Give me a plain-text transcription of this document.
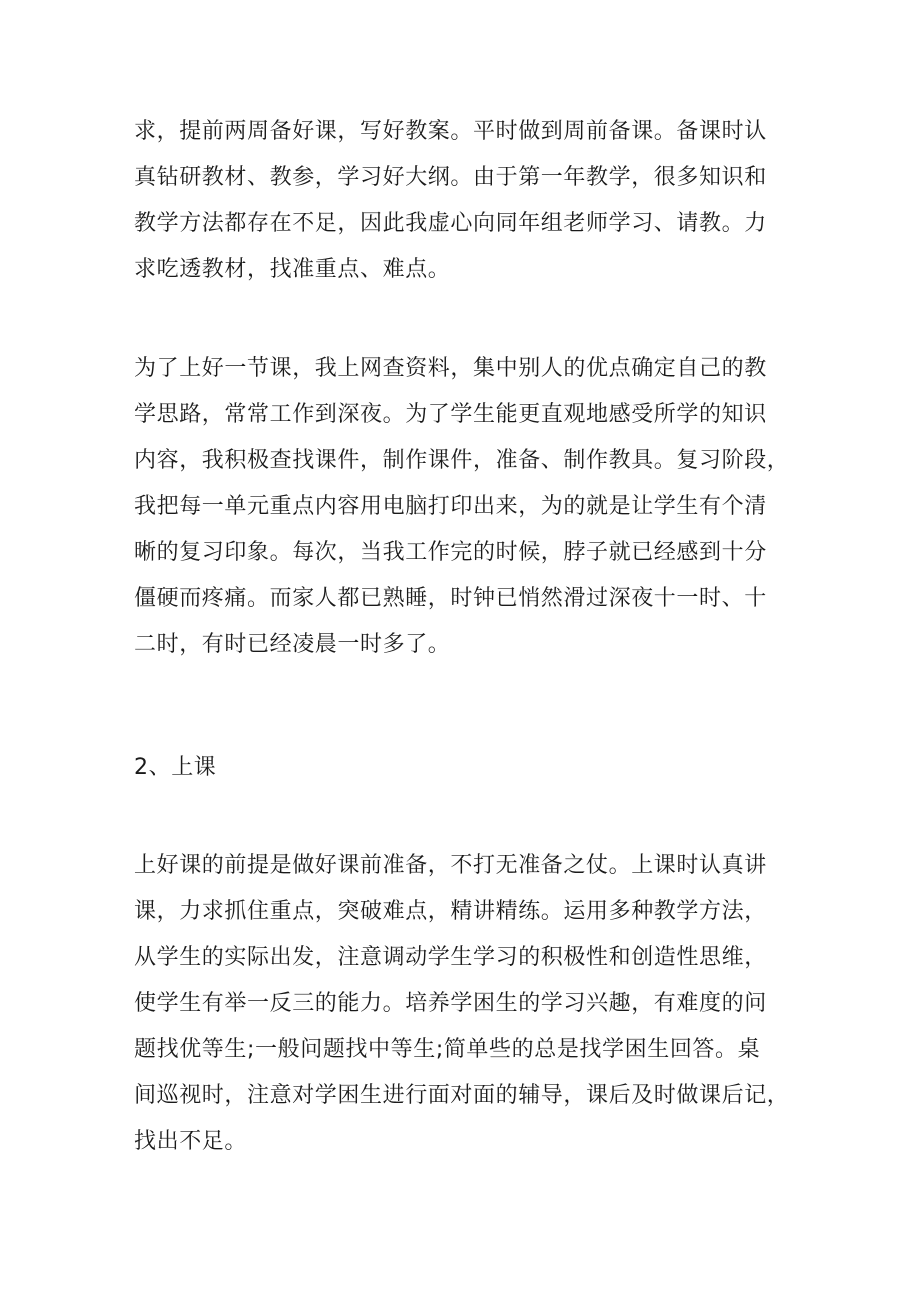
求，提前两周备好课，写好教案。平时做到周前备课。备课时认

真钻研教材、教参，学习好大纲。由于第一年教学，很多知识和

教学方法都存在不足，因此我虚心向同年组老师学习、请教。力

求吃透教材，找准重点、难点。

为了上好一节课，我上网查资料，集中别人的优点确定自己的教

学思路，常常工作到深夜。为了学生能更直观地感受所学的知识

内容，我积极查找课件，制作课件，准备、制作教具。复习阶段，

我把每一单元重点内容用电脑打印出来，为的就是让学生有个清

晰的复习印象。每次，当我工作完的时候，脖子就已经感到十分

僵硬而疼痛。而家人都已熟睡，时钟已悄然滑过深夜十一时、十

二时，有时已经凌晨一时多了。

2、上课

上好课的前提是做好课前准备，不打无准备之仗。上课时认真讲

课，力求抓住重点，突破难点，精讲精练。运用多种教学方法，

从学生的实际出发，注意调动学生学习的积极性和创造性思维，

使学生有举一反三的能力。培养学困生的学习兴趣，有难度的问

题找优等生;一般问题找中等生;简单些的总是找学困生回答。桌

间巡视时，注意对学困生进行面对面的辅导，课后及时做课后记，

找出不足。
